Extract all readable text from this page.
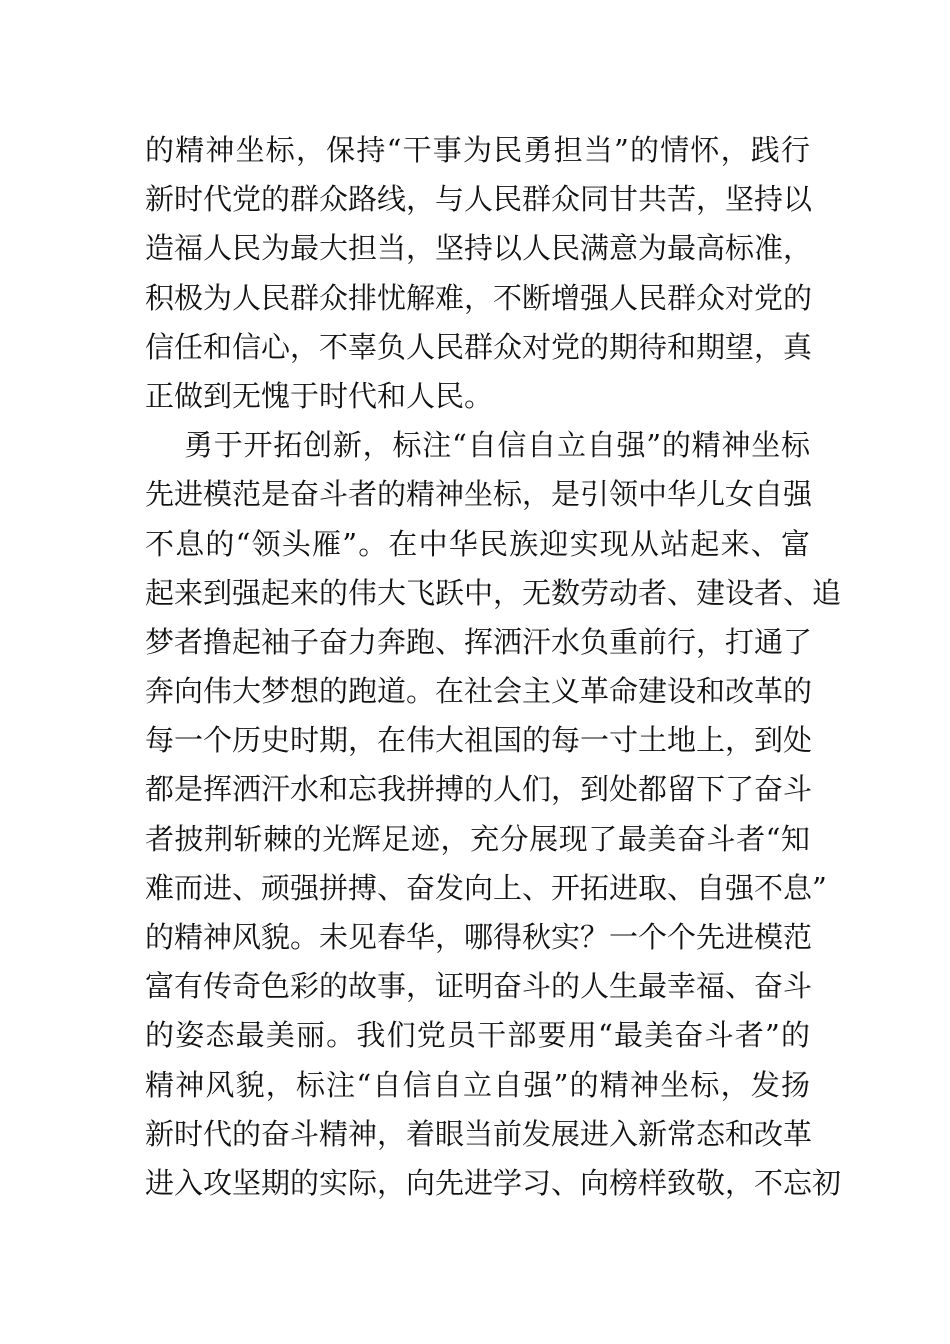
的精神坐标，保持“干事为民勇担当”的情怀，践行
新时代党的群众路线，与人民群众同甘共苦，坚持以
造福人民为最大担当，坚持以人民满意为最高标准，
积极为人民群众排忧解难，不断增强人民群众对党的
信任和信心，不辜负人民群众对党的期待和期望，真
正做到无愧于时代和人民。
勇于开拓创新，标注“自信自立自强”的精神坐标
先进模范是奋斗者的精神坐标，是引领中华儿女自强
不息的“领头雁”。在中华民族迎实现从站起来、富
起来到强起来的伟大飞跃中，无数劳动者、建设者、追
梦者撸起袖子奋力奔跑、挥洒汗水负重前行，打通了
奔向伟大梦想的跑道。在社会主义革命建设和改革的
每一个历史时期，在伟大祖国的每一寸土地上，到处
都是挥洒汗水和忘我拼搏的人们，到处都留下了奋斗
者披荆斩棘的光辉足迹，充分展现了最美奋斗者“知
难而进、顽强拼搏、奋发向上、开拓进取、自强不息”
的精神风貌。未见春华，哪得秋实？一个个先进模范
富有传奇色彩的故事，证明奋斗的人生最幸福、奋斗
的姿态最美丽。我们党员干部要用“最美奋斗者”的
精神风貌，标注“自信自立自强”的精神坐标，发扬
新时代的奋斗精神，着眼当前发展进入新常态和改革
进入攻坚期的实际，向先进学习、向榜样致敬，不忘初
